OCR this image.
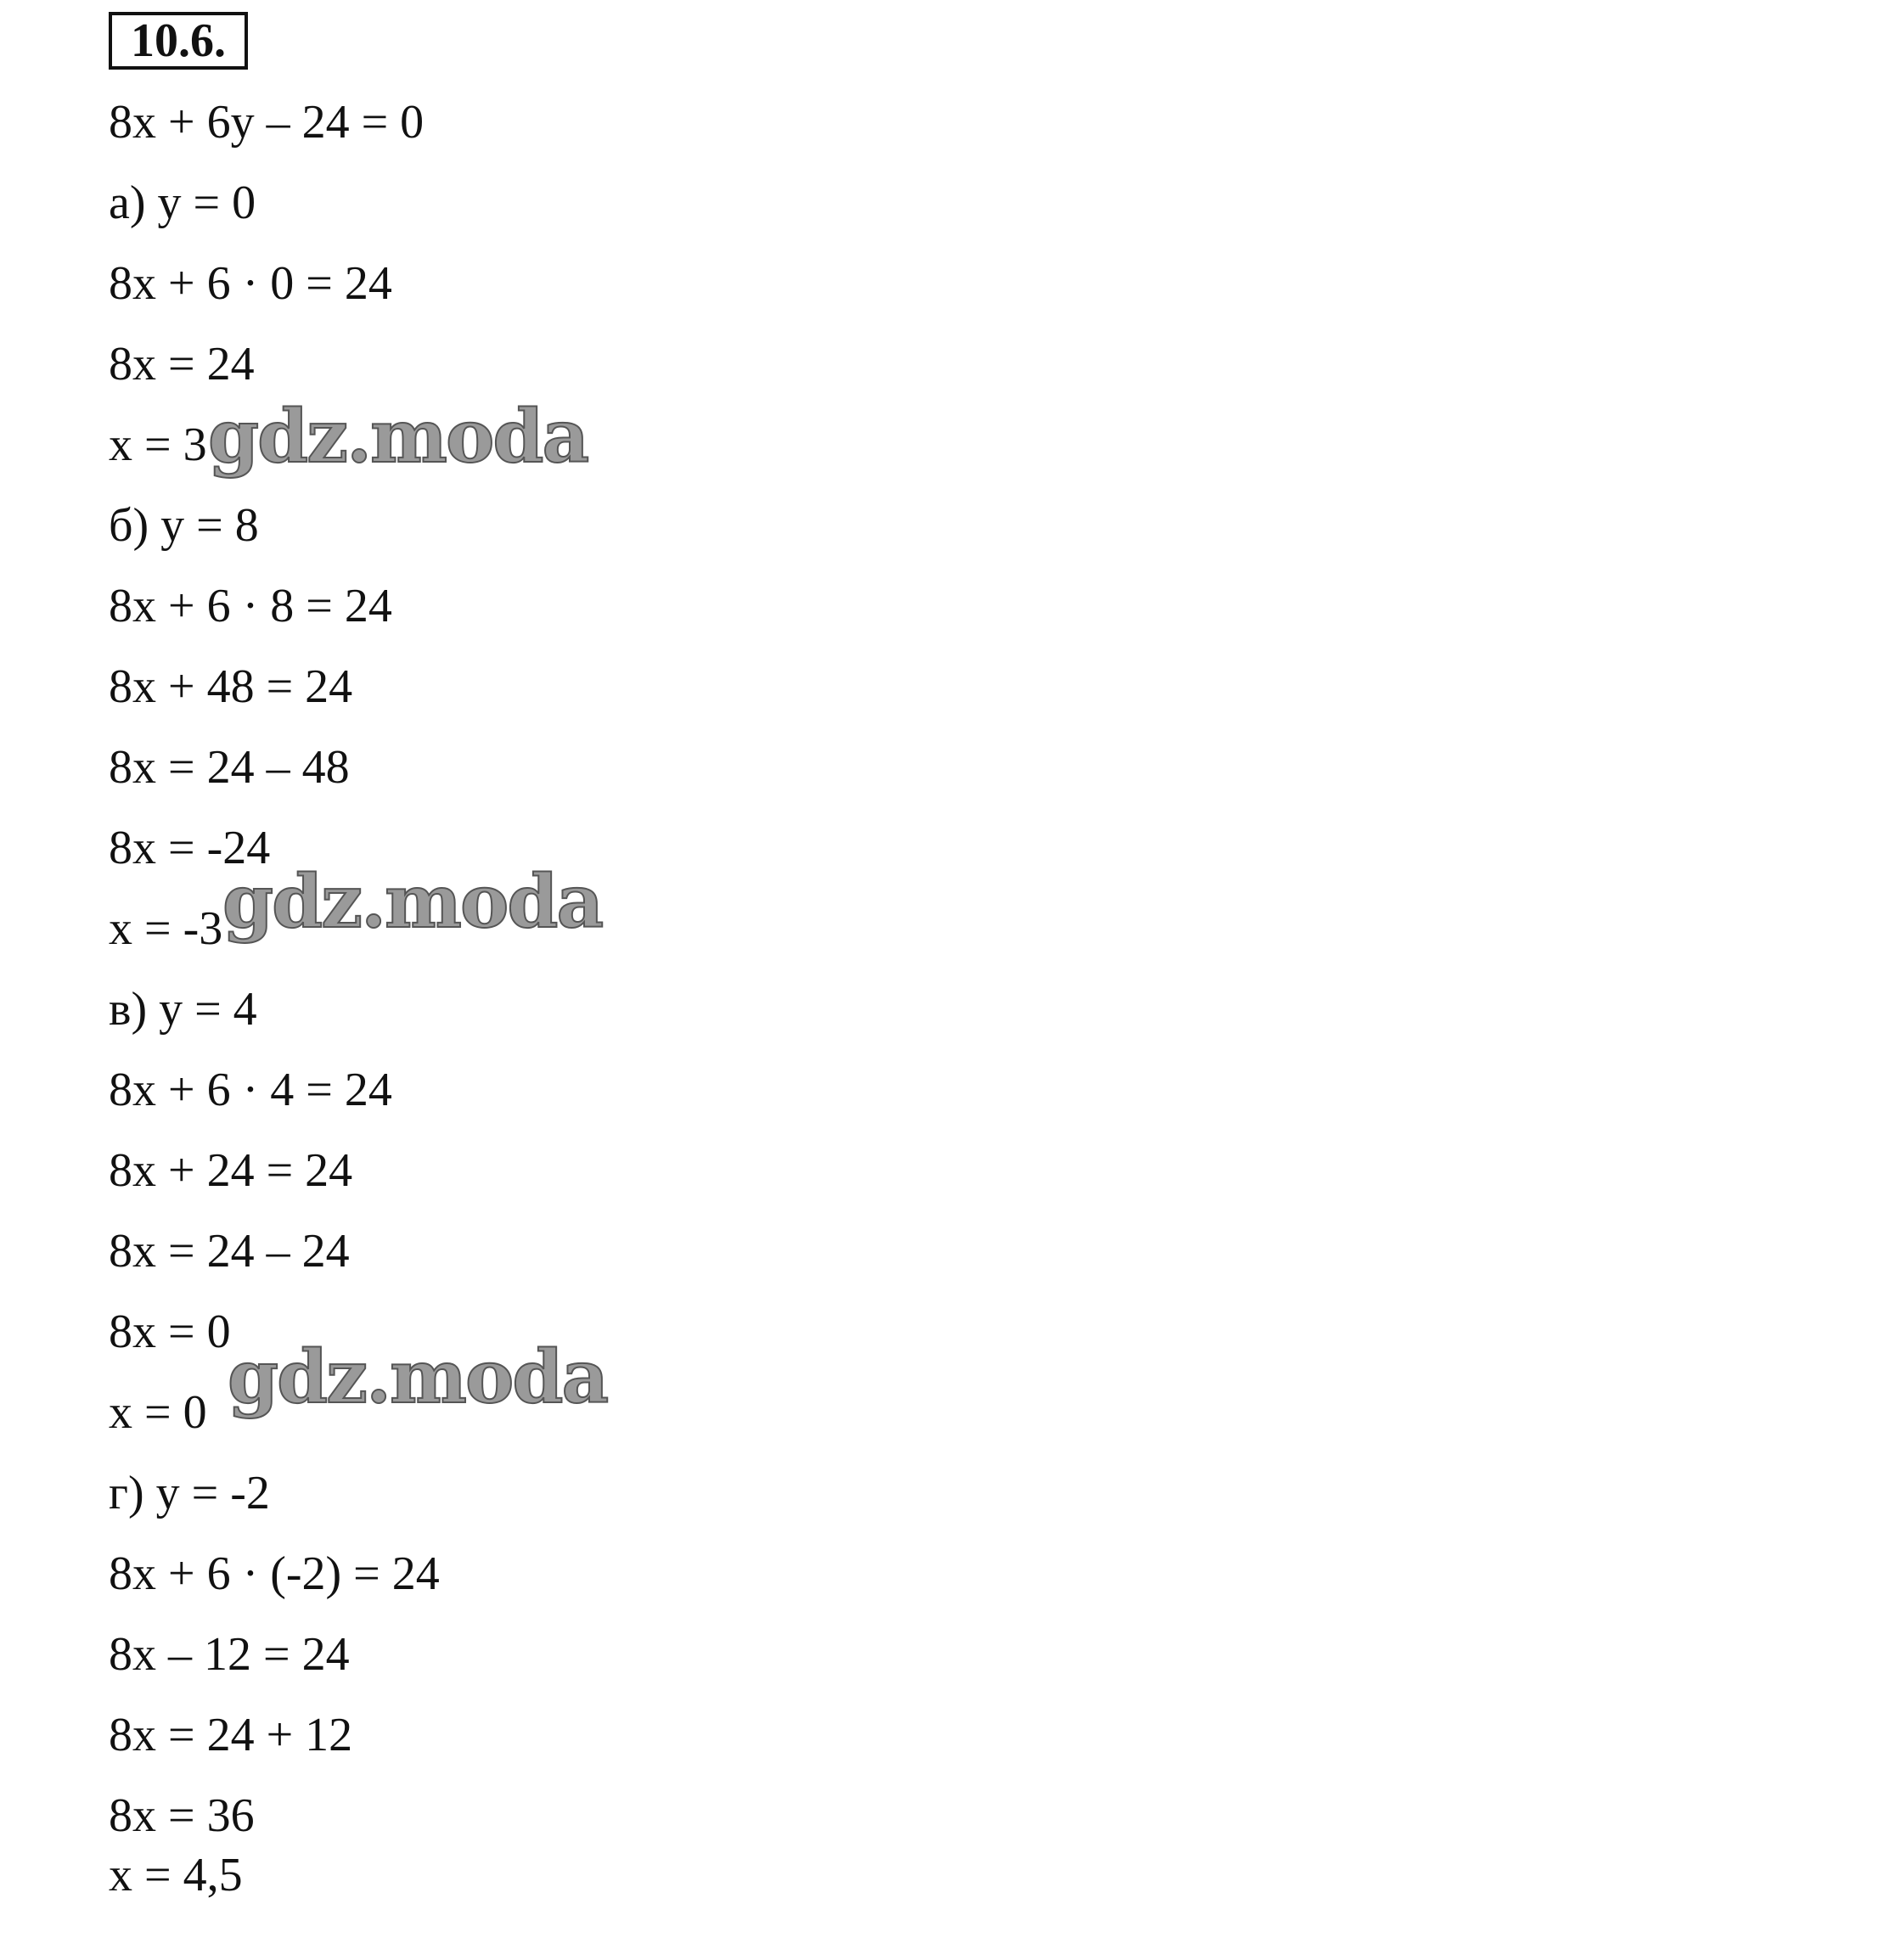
10.6.
8x + 6y – 24 = 0
а) y = 0
8x + 6 · 0 = 24
8x = 24
x = 3
б) y = 8
8x + 6 · 8 = 24
8x + 48 = 24
8x = 24 – 48
8x = -24
x = -3
в) y = 4
8x + 6 · 4 = 24
8x + 24 = 24
8x = 24 – 24
8x = 0
x = 0
г) y = -2
8x + 6 · (-2) = 24
8x – 12 = 24
8x = 24 + 12
8x = 36
x = 4,5
gdz.moda
gdz.moda
gdz.moda
